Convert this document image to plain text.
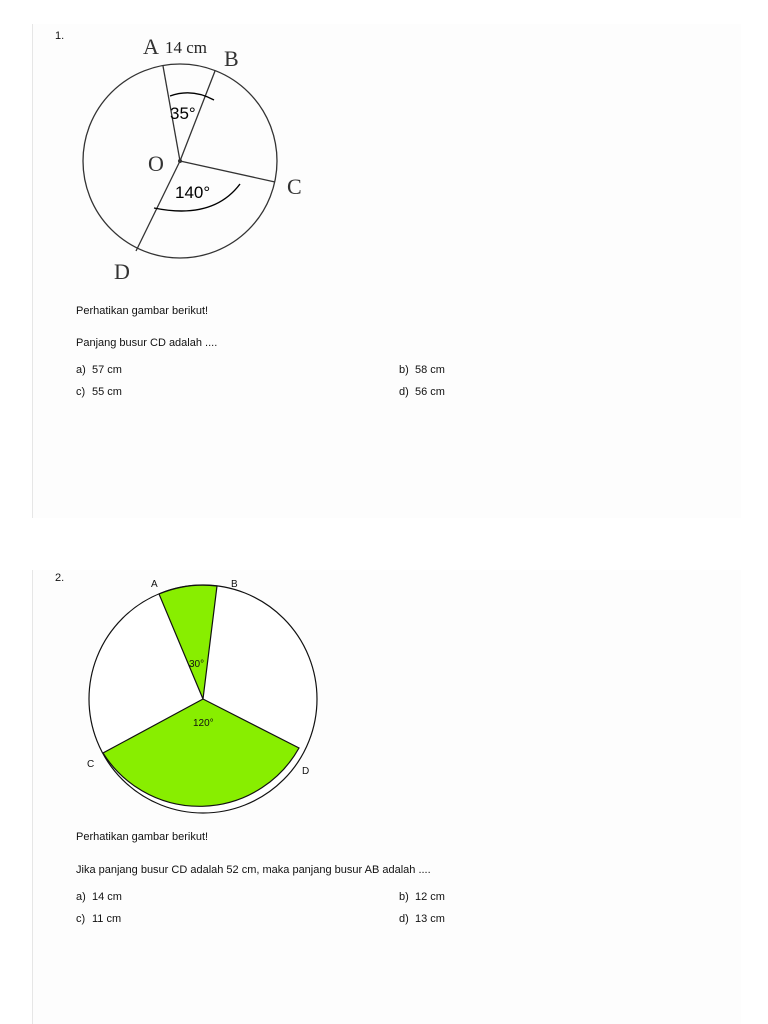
1.	A 14 cm B
O
C
D
35°
140°
Perhatikan gambar berikut!
Panjang busur CD adalah ....
a) 57 cm	b) 58 cm
c) 55 cm	d) 56 cm
2.
A	B
C
D
30°
120°
Perhatikan gambar berikut!
Jika panjang busur CD adalah 52 cm, maka panjang busur AB adalah ....
a) 14 cm	b) 12 cm
c) 11 cm	d) 13 cm
